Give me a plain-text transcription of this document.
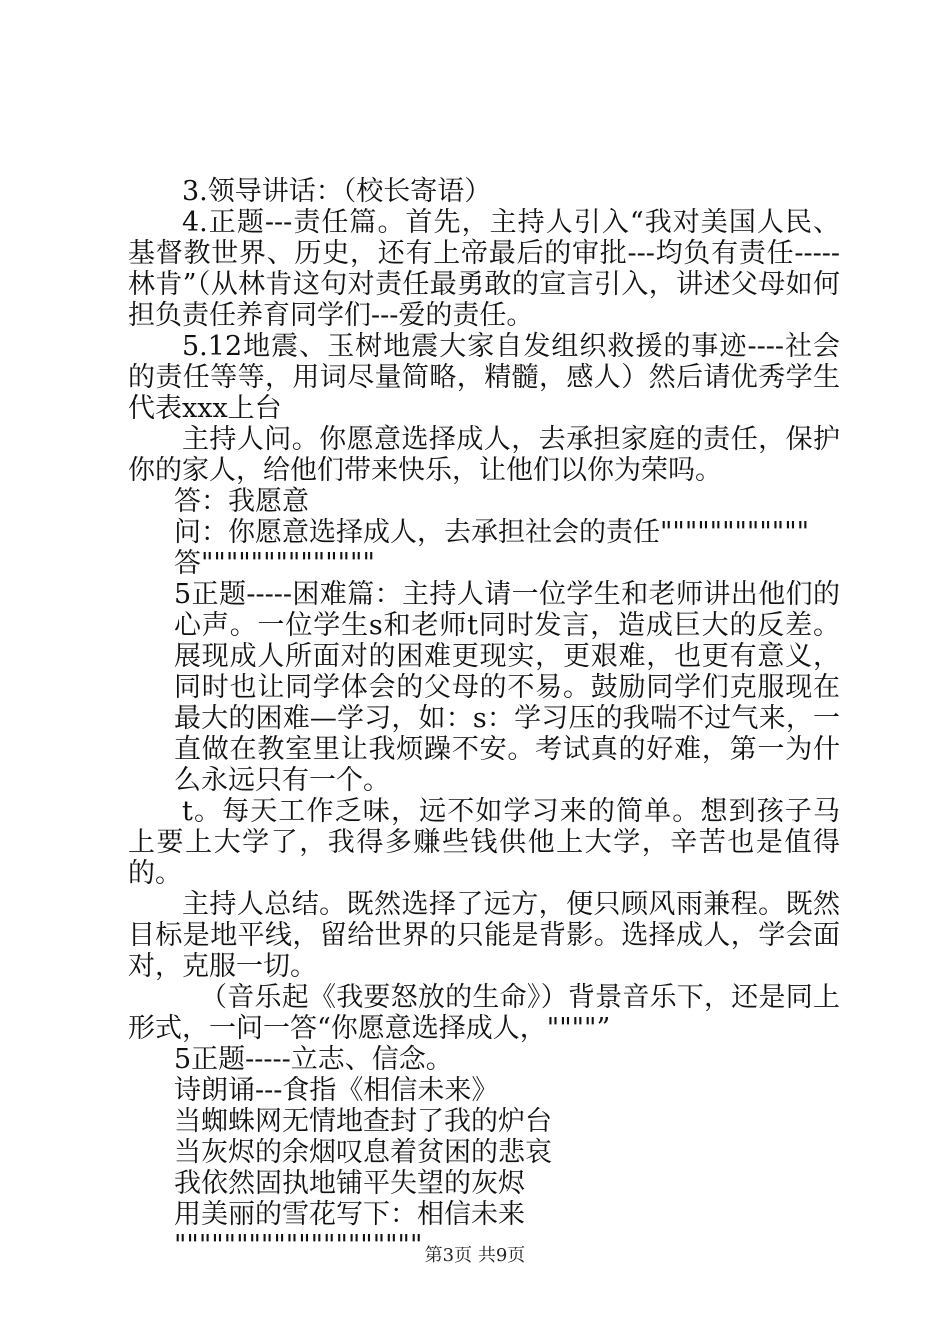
3.领导讲话：（校长寄语）

4.正题---责任篇。首先，主持人引入“我对美国人民、基督教世界、历史，还有上帝最后的审批---均负有责任-----林肯”（从林肯这句对责任最勇敢的宣言引入，讲述父母如何担负责任养育同学们---爱的责任。

5.12地震、玉树地震大家自发组织救援的事迹----社会的责任等等，用词尽量简略，精髓，感人）然后请优秀学生代表xxx上台

主持人问。你愿意选择成人，去承担家庭的责任，保护你的家人，给他们带来快乐，让他们以你为荣吗。

答：我愿意

问：你愿意选择成人，去承担社会的责任""""""""""""

答""""""""""""""

5正题-----困难篇：主持人请一位学生和老师讲出他们的心声。一位学生s和老师t同时发言，造成巨大的反差。展现成人所面对的困难更现实，更艰难，也更有意义，同时也让同学体会的父母的不易。鼓励同学们克服现在最大的困难—学习，如：s：学习压的我喘不过气来，一直做在教室里让我烦躁不安。考试真的好难，第一为什么永远只有一个。

t。每天工作乏味，远不如学习来的简单。想到孩子马上要上大学了，我得多赚些钱供他上大学，辛苦也是值得的。

主持人总结。既然选择了远方，便只顾风雨兼程。既然目标是地平线，留给世界的只能是背影。选择成人，学会面对，克服一切。

（音乐起《我要怒放的生命》）背景音乐下，还是同上形式，一问一答“你愿意选择成人，""""”

5正题-----立志、信念。

诗朗诵---食指《相信未来》

当蜘蛛网无情地查封了我的炉台

当灰烬的余烟叹息着贫困的悲哀

我依然固执地铺平失望的灰烬

用美丽的雪花写下：相信未来

"""""""""""""""""""" 第3页 共9页
